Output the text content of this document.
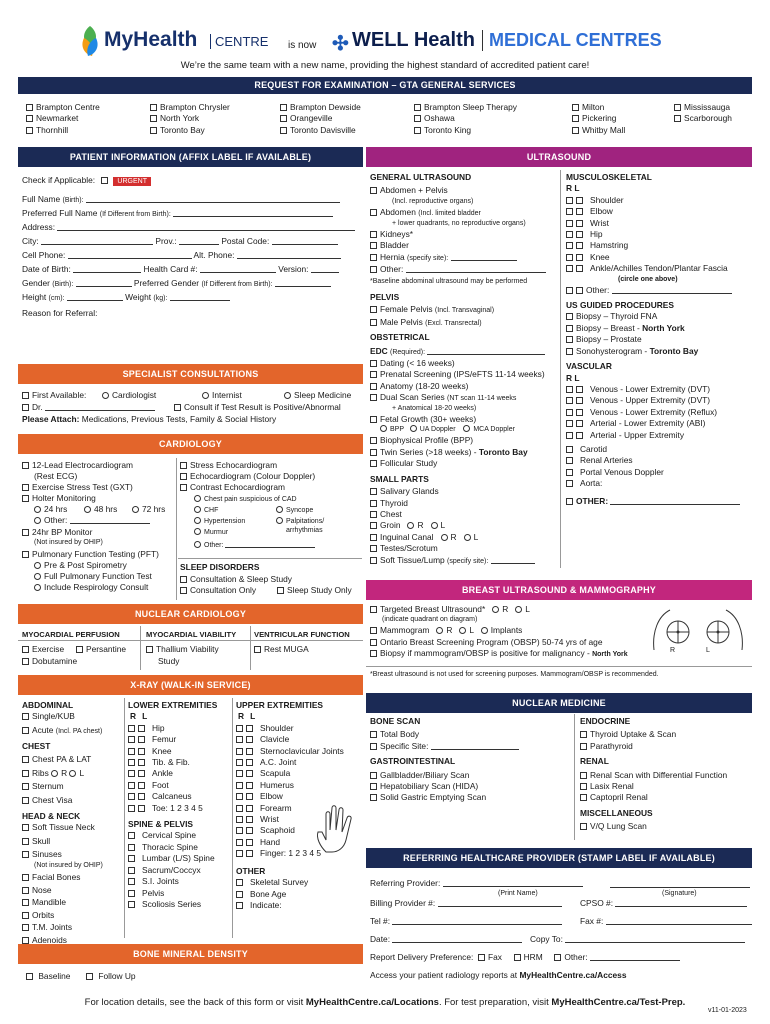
MyHealth	CENTRE is now ✣ WELL Health MEDICAL CENTRES
We’re the same team with a new name, providing the highest standard of accredited patient care!
REQUEST FOR EXAMINATION – GTA GENERAL SERVICES
Brampton Centre
Newmarket
Thornhill
Brampton Chrysler
North York
Toronto Bay
Brampton Dewside
Orangeville
Toronto Davisville
Brampton Sleep Therapy
Oshawa
Toronto King
Milton
Pickering
Whitby Mall
Mississauga
Scarborough
PATIENT INFORMATION (AFFIX LABEL IF AVAILABLE)
Check if Applicable:	URGENT
Full Name (Birth):
Preferred Full Name (If Different from Birth):
Address:
City:	Prov.:	Postal Code:
Cell Phone:	Alt. Phone:
Date of Birth:	Health Card #:	Version:
Gender (Birth):	Preferred Gender (If Different from Birth):
Height (cm):	Weight (kg):
Reason for Referral:
SPECIALIST CONSULTATIONS
First Available:	Cardiologist	Internist	Sleep Medicine
Dr.	Consult if Test Result is Positive/Abnormal
Please Attach: Medications, Previous Tests, Family & Social History
CARDIOLOGY
12-Lead Electrocardiogram
(Rest ECG)
Exercise Stress Test (GXT)
Holter Monitoring
24 hrs	48 hrs	72 hrs
Other:
24hr BP Monitor
(Not insured by OHIP)
Pulmonary Function Testing (PFT)
Pre & Post Spirometry
Full Pulmonary Function Test
Include Respirology Consult
Stress Echocardiogram
Echocardiogram (Colour Doppler)
Contrast Echocardiogram
Chest pain suspicious of CAD
CHF	Syncope
Hypertension	Palpitations/
arrhythmias
Murmur
Other:
SLEEP DISORDERS
Consultation & Sleep Study
Consultation Only	Sleep Study Only
NUCLEAR CARDIOLOGY
MYOCARDIAL PERFUSION
Exercise	Persantine
Dobutamine
MYOCARDIAL VIABILITY
Thallium Viability
Study
VENTRICULAR FUNCTION
Rest MUGA
X-RAY (WALK-IN SERVICE)
ABDOMINAL
Single/KUB
Acute (Incl. PA chest)
CHEST
Chest PA & LAT
Ribs R L
Sternum
Chest Visa
HEAD & NECK
Soft Tissue Neck
Skull
Sinuses
(Not insured by OHIP)
Facial Bones
Nose
Mandible
Orbits
T.M. Joints
Adenoids
LOWER EXTREMITIES
RL
Hip
Femur
Knee
Tib. & Fib.
Ankle
Foot
Calcaneus
Toe: 1 2 3 4 5
SPINE & PELVIS
Cervical Spine
Thoracic Spine
Lumbar (L/S) Spine
Sacrum/Coccyx
S.I. Joints
Pelvis
Scoliosis Series
UPPER EXTREMITIES
RL
Shoulder
Clavicle
Sternoclavicular Joints
A.C. Joint
Scapula
Humerus
Elbow
Forearm
Wrist
Scaphoid
Hand
Finger: 1 2 3 4 5
OTHER
Skeletal Survey
Bone Age
Indicate:
BONE MINERAL DENSITY
Baseline	Follow Up
ULTRASOUND
GENERAL ULTRASOUND
Abdomen + Pelvis
(Incl. reproductive organs)
Abdomen (Incl. limited bladder
+ lower quadrants, no reproductive organs)
Kidneys*
Bladder
Hernia (specify site):
Other:
*Baseline abdominal ultrasound may be performed
PELVIS
Female Pelvis (Incl. Transvaginal)
Male Pelvis (Excl. Transrectal)
OBSTETRICAL
EDC (Required):
Dating (< 16 weeks)
Prenatal Screening (IPS/eFTS 11-14 weeks)
Anatomy (18-20 weeks)
Dual Scan Series (NT scan 11-14 weeks
+ Anatomical 18-20 weeks)
Fetal Growth (30+ weeks)
BPP UA Doppler	MCA Doppler
Biophysical Profile (BPP)
Twin Series (>18 weeks) - Toronto Bay
Follicular Study
SMALL PARTS
Salivary Glands
Thyroid
Chest
Groin R L
Inguinal Canal R L
Testes/Scrotum
Soft Tissue/Lump (specify site):
MUSCULOSKELETAL
R L
Shoulder
Elbow
Wrist
Hip
Hamstring
Knee
Ankle/Achilles Tendon/Plantar Fascia
(circle one above)
Other:
US GUIDED PROCEDURES
Biopsy – Thyroid FNA
Biopsy – Breast - North York
Biopsy – Prostate
Sonohysterogram - Toronto Bay
VASCULAR
R L
Venous - Lower Extremity (DVT)
Venous - Upper Extremity (DVT)
Venous - Lower Extremity (Reflux)
Arterial - Lower Extremity (ABI)
Arterial - Upper Extremity
Carotid
Renal Arteries
Portal Venous Doppler
Aorta:
OTHER:
BREAST ULTRASOUND & MAMMOGRAPHY
Targeted Breast Ultrasound* R L
(indicate quadrant on diagram)
Mammogram R L Implants
Ontario Breast Screening Program (OBSP) 50-74 yrs of age
Biopsy if mammogram/OBSP is positive for malignancy - North York
*Breast ultrasound is not used for screening purposes. Mammogram/OBSP is recommended.
R	L
NUCLEAR MEDICINE
BONE SCAN
Total Body
Specific Site:
GASTROINTESTINAL
Gallbladder/Biliary Scan
Hepatobiliary Scan (HIDA)
Solid Gastric Emptying Scan
ENDOCRINE
Thyroid Uptake & Scan
Parathyroid
RENAL
Renal Scan with Differential Function
Lasix Renal
Captopril Renal
MISCELLANEOUS
V/Q Lung Scan
REFERRING HEALTHCARE PROVIDER (STAMP LABEL IF AVAILABLE)
Referring Provider:
(Print Name)	(Signature)
Billing Provider #:	CPSO #:
Tel #:	Fax #:
Date:	Copy To:
Report Delivery Preference: Fax	HRM	Other:
Access your patient radiology reports at MyHealthCentre.ca/Access
For location details, see the back of this form or visit MyHealthCentre.ca/Locations. For test preparation, visit MyHealthCentre.ca/Test-Prep.
v11-01-2023
